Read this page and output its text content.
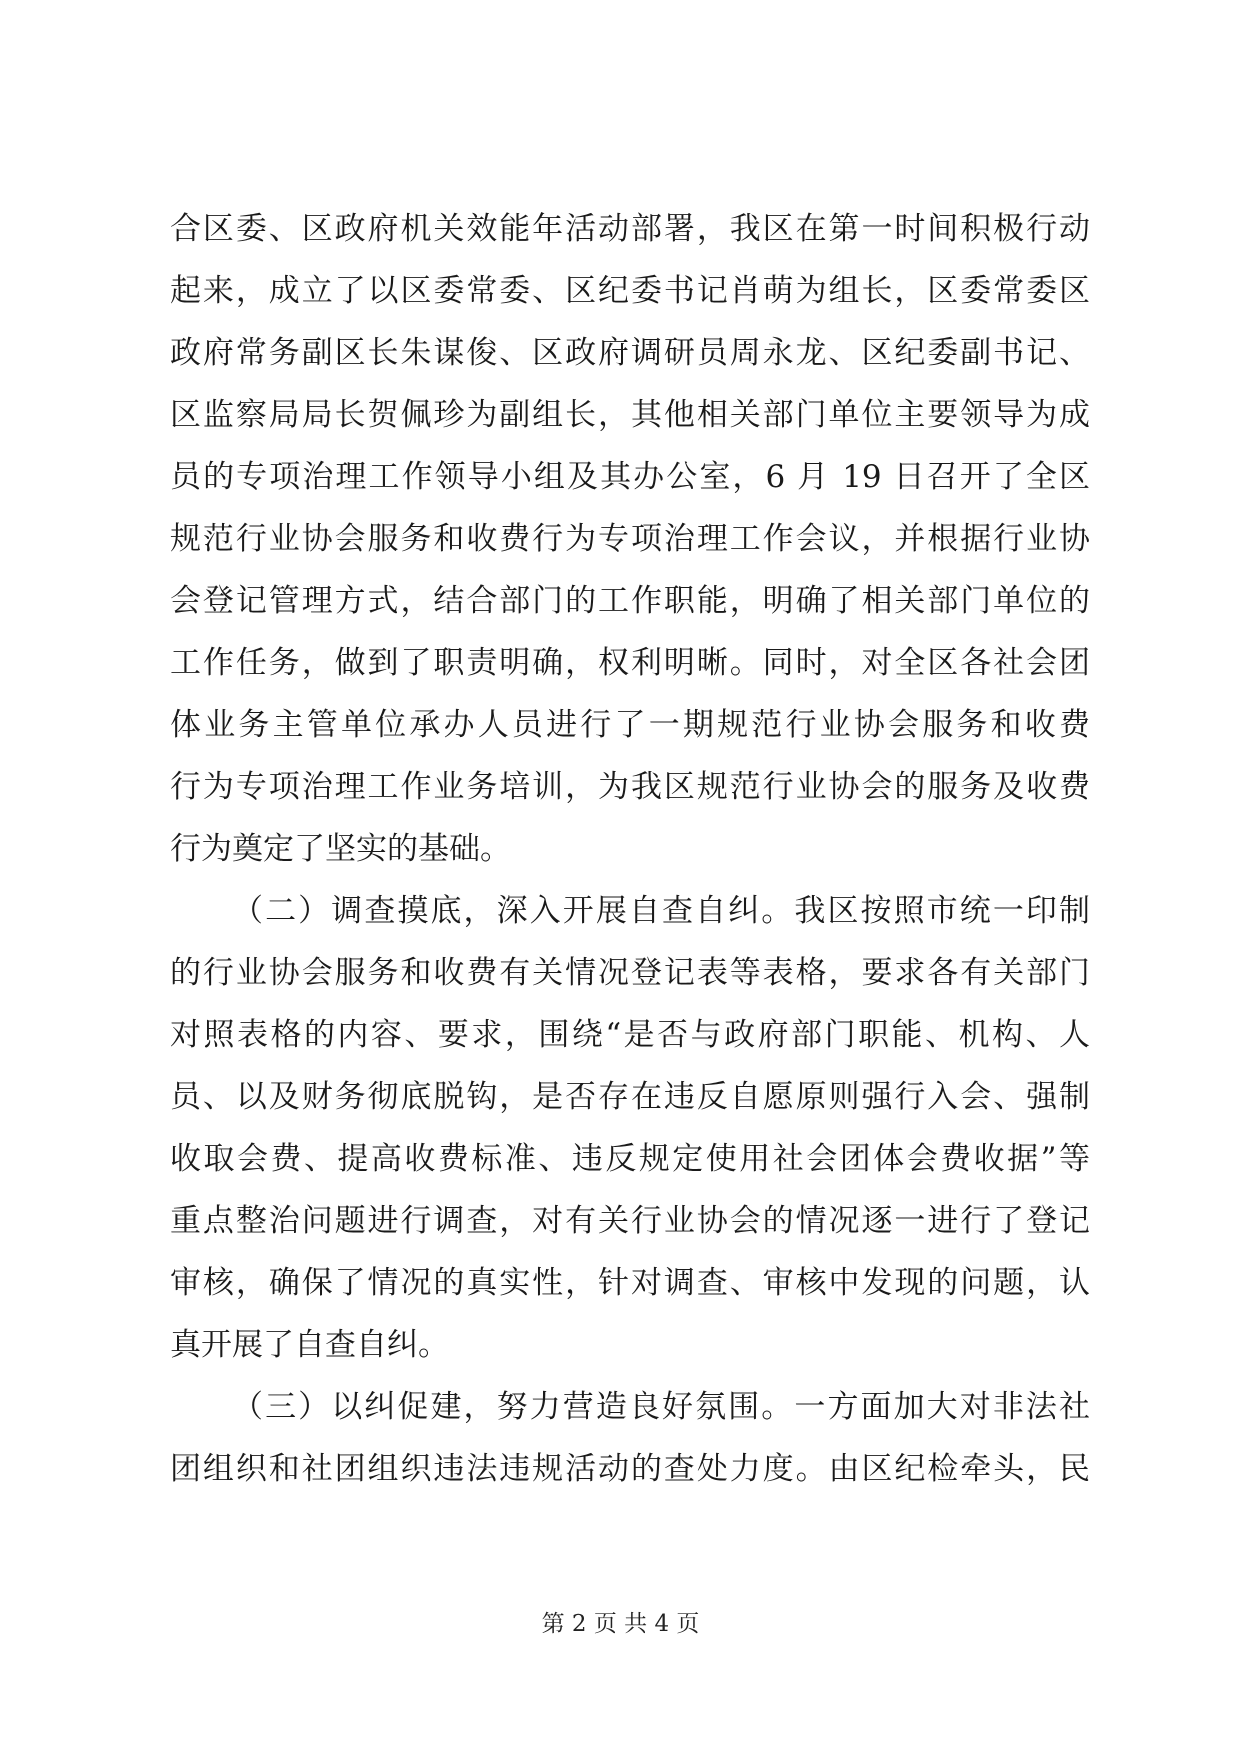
合区委、区政府机关效能年活动部署，我区在第一时间积极行动
起来，成立了以区委常委、区纪委书记肖萌为组长，区委常委区
政府常务副区长朱谋俊、区政府调研员周永龙、区纪委副书记、
区监察局局长贺佩珍为副组长，其他相关部门单位主要领导为成
员的专项治理工作领导小组及其办公室，6 月 19 日召开了全区
规范行业协会服务和收费行为专项治理工作会议，并根据行业协
会登记管理方式，结合部门的工作职能，明确了相关部门单位的
工作任务，做到了职责明确，权利明晰。同时，对全区各社会团
体业务主管单位承办人员进行了一期规范行业协会服务和收费
行为专项治理工作业务培训，为我区规范行业协会的服务及收费
行为奠定了坚实的基础。
（二）调查摸底，深入开展自查自纠。我区按照市统一印制
的行业协会服务和收费有关情况登记表等表格，要求各有关部门
对照表格的内容、要求，围绕“是否与政府部门职能、机构、人
员、以及财务彻底脱钩，是否存在违反自愿原则强行入会、强制
收取会费、提高收费标准、违反规定使用社会团体会费收据”等
重点整治问题进行调查，对有关行业协会的情况逐一进行了登记
审核，确保了情况的真实性，针对调查、审核中发现的问题，认
真开展了自查自纠。
（三）以纠促建，努力营造良好氛围。一方面加大对非法社
团组织和社团组织违法违规活动的查处力度。由区纪检牵头，民
第 2 页 共 4 页
